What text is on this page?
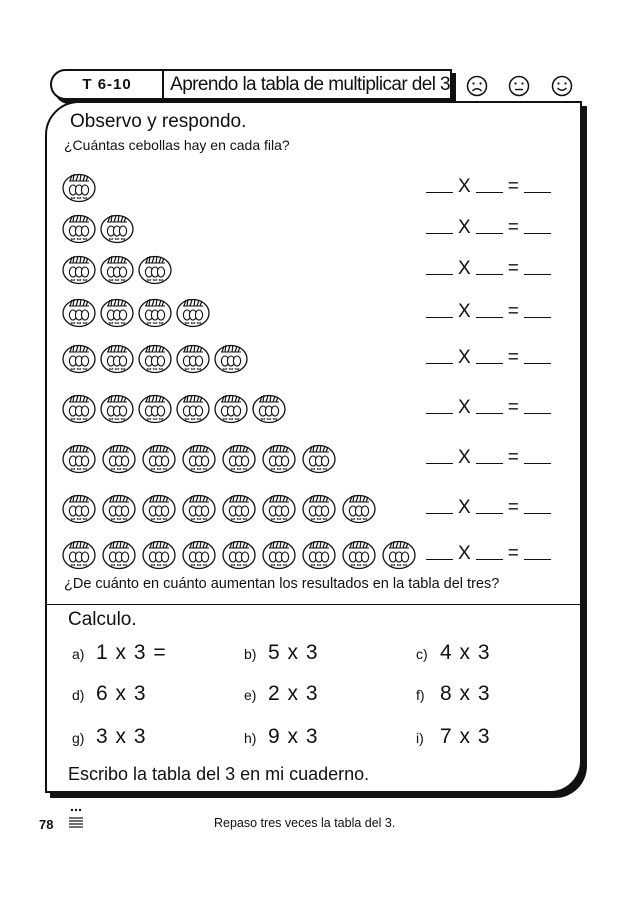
T 6-10	Aprendo la tabla de multiplicar del 3
Observo y respondo.
¿Cuántas cebollas hay en cada fila?
X =
X =
X =
X =
X =
X =
X =
X =
X =
¿De cuánto en cuánto aumentan los resultados en la tabla del tres?
Calculo.
a) 1 x 3 =	b) 5 x 3	c) 4 x 3
d) 6 x 3	e) 2 x 3	f) 8 x 3
g) 3 x 3	h) 9 x 3	i) 7 x 3
Escribo la tabla del 3 en mi cuaderno.
78	Repaso tres veces la tabla del 3.
